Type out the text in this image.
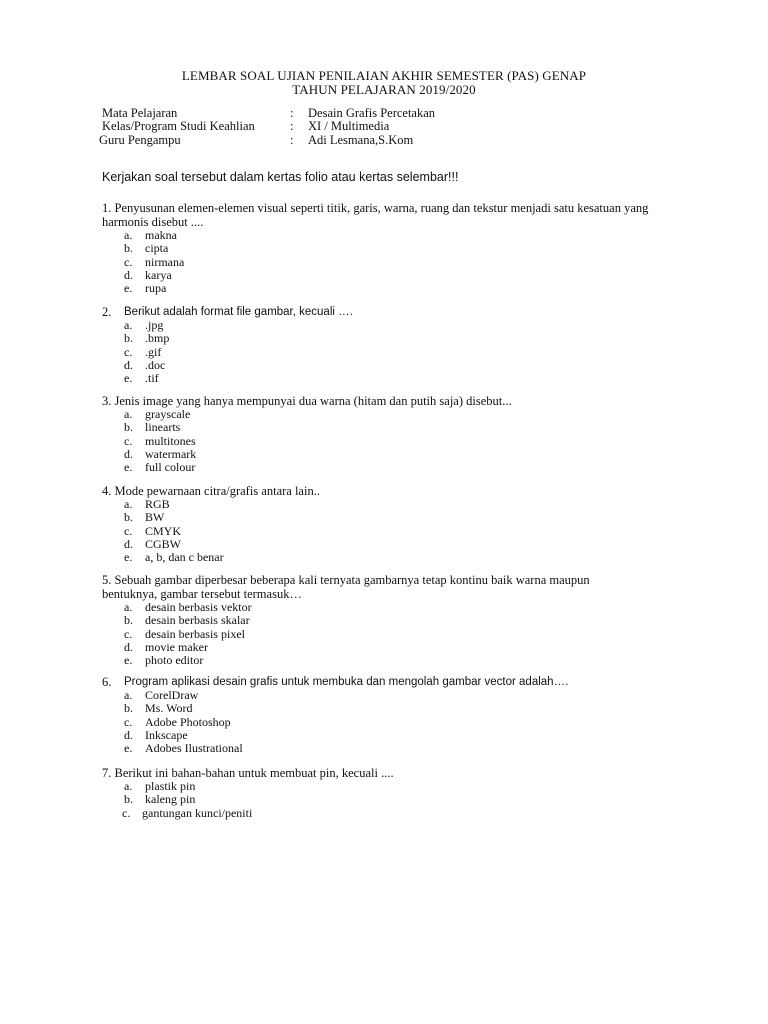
LEMBAR SOAL UJIAN PENILAIAN AKHIR SEMESTER (PAS) GENAP
TAHUN PELAJARAN 2019/2020
Mata Pelajaran	: Desain Grafis Percetakan
Kelas/Program Studi Keahlian	: XI / Multimedia
Guru Pengampu	: Adi Lesmana,S.Kom
Kerjakan soal tersebut dalam kertas folio atau kertas selembar!!!
1. Penyusunan elemen-elemen visual seperti titik, garis, warna, ruang dan tekstur menjadi satu kesatuan yang
harmonis disebut ....
a. makna
b. cipta
c. nirmana
d. karya
e. rupa
2. Berikut adalah format file gambar, kecuali ….
a. .jpg
b. .bmp
c. .gif
d. .doc
e. .tif
3. Jenis image yang hanya mempunyai dua warna (hitam dan putih saja) disebut...
a. grayscale
b. linearts
c. multitones
d. watermark
e. full colour
4. Mode pewarnaan citra/grafis antara lain..
a. RGB
b. BW
c. CMYK
d. CGBW
e. a, b, dan c benar
5. Sebuah gambar diperbesar beberapa kali ternyata gambarnya tetap kontinu baik warna maupun
bentuknya, gambar tersebut termasuk…
a. desain berbasis vektor
b. desain berbasis skalar
c. desain berbasis pixel
d. movie maker
e. photo editor
6. Program aplikasi desain grafis untuk membuka dan mengolah gambar vector adalah….
a. CorelDraw
b. Ms. Word
c. Adobe Photoshop
d. Inkscape
e. Adobes Ilustrational
7. Berikut ini bahan-bahan untuk membuat pin, kecuali ....
a. plastik pin
b. kaleng pin
c. gantungan kunci/peniti
